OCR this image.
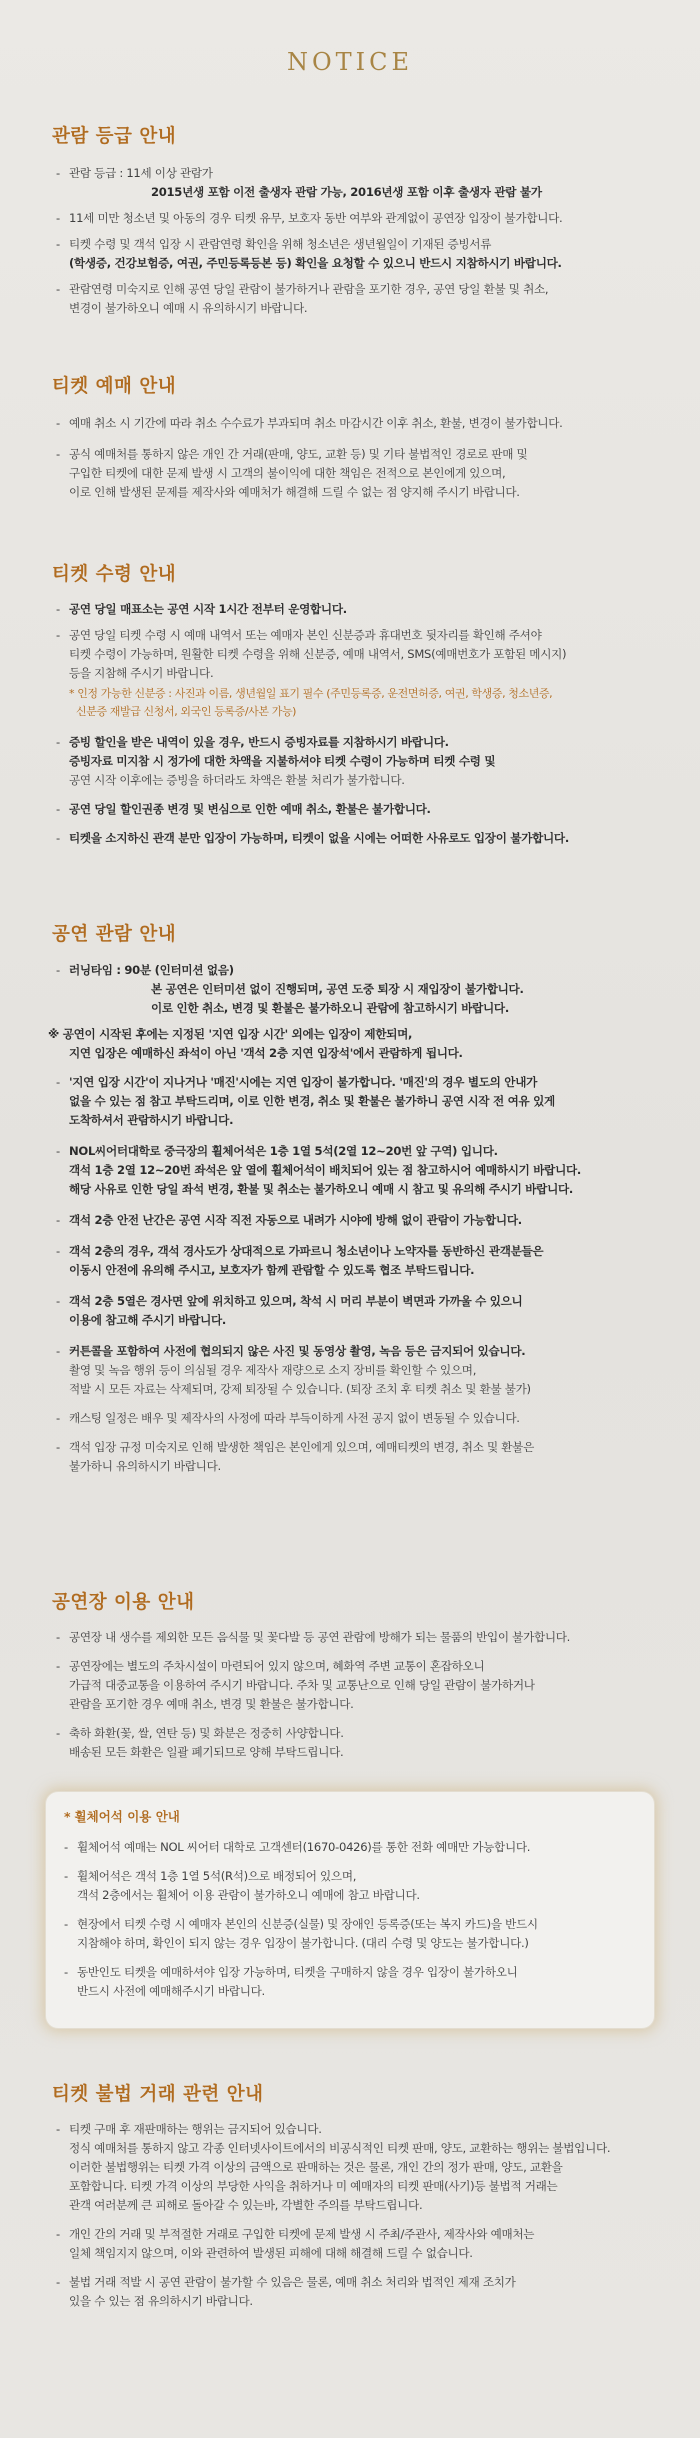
NOTICE
관람 등급 안내
- 관람 등급 : 11세 이상 관람가
2015년생 포함 이전 출생자 관람 가능, 2016년생 포함 이후 출생자 관람 불가
- 11세 미만 청소년 및 아동의 경우 티켓 유무, 보호자 동반 여부와 관계없이 공연장 입장이 불가합니다.
- 티켓 수령 및 객석 입장 시 관람연령 확인을 위해 청소년은 생년월일이 기재된 증빙서류
(학생증, 건강보험증, 여권, 주민등록등본 등) 확인을 요청할 수 있으니 반드시 지참하시기 바랍니다.
- 관람연령 미숙지로 인해 공연 당일 관람이 불가하거나 관람을 포기한 경우, 공연 당일 환불 및 취소,
변경이 불가하오니 예매 시 유의하시기 바랍니다.
티켓 예매 안내
- 예매 취소 시 기간에 따라 취소 수수료가 부과되며 취소 마감시간 이후 취소, 환불, 변경이 불가합니다.
- 공식 예매처를 통하지 않은 개인 간 거래(판매, 양도, 교환 등) 및 기타 불법적인 경로로 판매 및
구입한 티켓에 대한 문제 발생 시 고객의 불이익에 대한 책임은 전적으로 본인에게 있으며,
이로 인해 발생된 문제를 제작사와 예매처가 해결해 드릴 수 없는 점 양지해 주시기 바랍니다.
티켓 수령 안내
- 공연 당일 매표소는 공연 시작 1시간 전부터 운영합니다.
- 공연 당일 티켓 수령 시 예매 내역서 또는 예매자 본인 신분증과 휴대번호 뒷자리를 확인해 주셔야
티켓 수령이 가능하며, 원활한 티켓 수령을 위해 신분증, 예매 내역서, SMS(예매번호가 포함된 메시지)
등을 지참해 주시기 바랍니다.
* 인정 가능한 신분증 : 사진과 이름, 생년월일 표기 필수 (주민등록증, 운전면허증, 여권, 학생증, 청소년증,

신분증 재발급 신청서, 외국인 등록증/사본 가능)
- 증빙 할인을 받은 내역이 있을 경우, 반드시 증빙자료를 지참하시기 바랍니다.
증빙자료 미지참 시 정가에 대한 차액을 지불하셔야 티켓 수령이 가능하며 티켓 수령 및
공연 시작 이후에는 증빙을 하더라도 차액은 환불 처리가 불가합니다.
- 공연 당일 할인권종 변경 및 변심으로 인한 예매 취소, 환불은 불가합니다.
- 티켓을 소지하신 관객 분만 입장이 가능하며, 티켓이 없을 시에는 어떠한 사유로도 입장이 불가합니다.
공연 관람 안내
- 러닝타임 : 90분 (인터미션 없음)
본 공연은 인터미션 없이 진행되며, 공연 도중 퇴장 시 재입장이 불가합니다.
이로 인한 취소, 변경 및 환불은 불가하오니 관람에 참고하시기 바랍니다.
※ 공연이 시작된 후에는 지정된 '지연 입장 시간' 외에는 입장이 제한되며,
지연 입장은 예매하신 좌석이 아닌 '객석 2층 지연 입장석'에서 관람하게 됩니다.
- '지연 입장 시간'이 지나거나 '매진'시에는 지연 입장이 불가합니다. '매진'의 경우 별도의 안내가
없을 수 있는 점 참고 부탁드리며, 이로 인한 변경, 취소 및 환불은 불가하니 공연 시작 전 여유 있게
도착하셔서 관람하시기 바랍니다.
- NOL씨어터대학로 중극장의 휠체어석은 1층 1열 5석(2열 12~20번 앞 구역) 입니다.
객석 1층 2열 12~20번 좌석은 앞 열에 휠체어석이 배치되어 있는 점 참고하시어 예매하시기 바랍니다.
해당 사유로 인한 당일 좌석 변경, 환불 및 취소는 불가하오니 예매 시 참고 및 유의해 주시기 바랍니다.
- 객석 2층 안전 난간은 공연 시작 직전 자동으로 내려가 시야에 방해 없이 관람이 가능합니다.
- 객석 2층의 경우, 객석 경사도가 상대적으로 가파르니 청소년이나 노약자를 동반하신 관객분들은
이동시 안전에 유의해 주시고, 보호자가 함께 관람할 수 있도록 협조 부탁드립니다.
- 객석 2층 5열은 경사면 앞에 위치하고 있으며, 착석 시 머리 부분이 벽면과 가까울 수 있으니
이용에 참고해 주시기 바랍니다.
- 커튼콜을 포함하여 사전에 협의되지 않은 사진 및 동영상 촬영, 녹음 등은 금지되어 있습니다.
촬영 및 녹음 행위 등이 의심될 경우 제작사 재량으로 소지 장비를 확인할 수 있으며,
적발 시 모든 자료는 삭제되며, 강제 퇴장될 수 있습니다. (퇴장 조치 후 티켓 취소 및 환불 불가)
- 캐스팅 일정은 배우 및 제작사의 사정에 따라 부득이하게 사전 공지 없이 변동될 수 있습니다.
- 객석 입장 규정 미숙지로 인해 발생한 책임은 본인에게 있으며, 예매티켓의 변경, 취소 및 환불은
불가하니 유의하시기 바랍니다.
공연장 이용 안내
- 공연장 내 생수를 제외한 모든 음식물 및 꽃다발 등 공연 관람에 방해가 되는 물품의 반입이 불가합니다.
- 공연장에는 별도의 주차시설이 마련되어 있지 않으며, 혜화역 주변 교통이 혼잡하오니
가급적 대중교통을 이용하여 주시기 바랍니다. 주차 및 교통난으로 인해 당일 관람이 불가하거나
관람을 포기한 경우 예매 취소, 변경 및 환불은 불가합니다.
- 축하 화환(꽃, 쌀, 연탄 등) 및 화분은 정중히 사양합니다.
배송된 모든 화환은 일괄 폐기되므로 양해 부탁드립니다.
* 휠체어석 이용 안내
- 휠체어석 예매는 NOL 씨어터 대학로 고객센터(1670-0426)를 통한 전화 예매만 가능합니다.
- 휠체어석은 객석 1층 1열 5석(R석)으로 배정되어 있으며,
객석 2층에서는 휠체어 이용 관람이 불가하오니 예매에 참고 바랍니다.
- 현장에서 티켓 수령 시 예매자 본인의 신분증(실물) 및 장애인 등록증(또는 복지 카드)을 반드시
지참해야 하며, 확인이 되지 않는 경우 입장이 불가합니다. (대리 수령 및 양도는 불가합니다.)
- 동반인도 티켓을 예매하셔야 입장 가능하며, 티켓을 구매하지 않을 경우 입장이 불가하오니
반드시 사전에 예매해주시기 바랍니다.
티켓 불법 거래 관련 안내
- 티켓 구매 후 재판매하는 행위는 금지되어 있습니다.
정식 예매처를 통하지 않고 각종 인터넷사이트에서의 비공식적인 티켓 판매, 양도, 교환하는 행위는 불법입니다.
이러한 불법행위는 티켓 가격 이상의 금액으로 판매하는 것은 물론, 개인 간의 정가 판매, 양도, 교환을
포함합니다. 티켓 가격 이상의 부당한 사익을 취하거나 미 예매자의 티켓 판매(사기)등 불법적 거래는
관객 여러분께 큰 피해로 돌아갈 수 있는바, 각별한 주의를 부탁드립니다.
- 개인 간의 거래 및 부적절한 거래로 구입한 티켓에 문제 발생 시 주최/주관사, 제작사와 예매처는
일체 책임지지 않으며, 이와 관련하여 발생된 피해에 대해 해결해 드릴 수 없습니다.
- 불법 거래 적발 시 공연 관람이 불가할 수 있음은 물론, 예매 취소 처리와 법적인 제재 조치가
있을 수 있는 점 유의하시기 바랍니다.
